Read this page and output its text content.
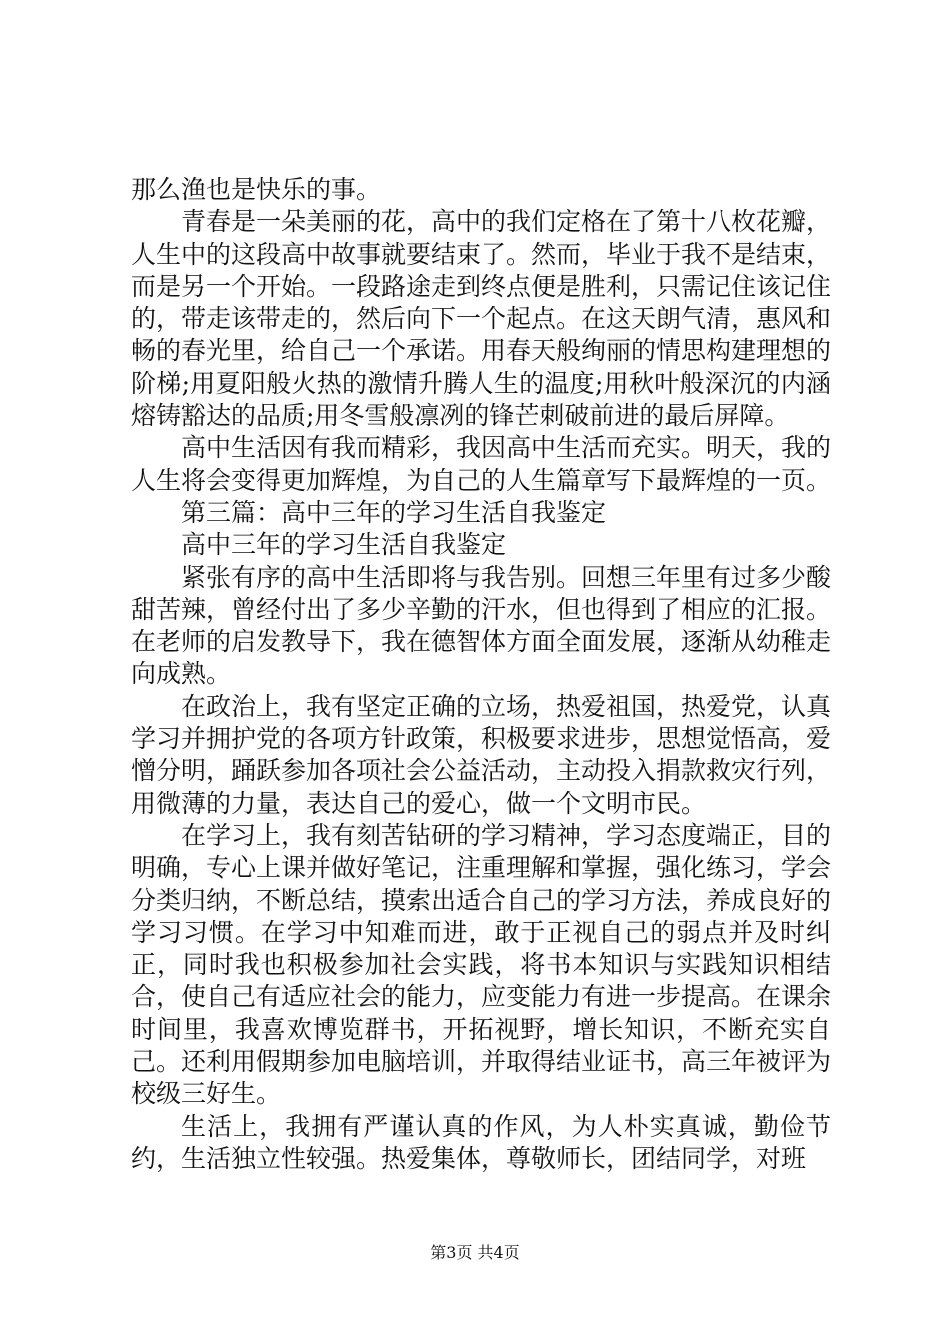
那么渔也是快乐的事。

青春是一朵美丽的花，高中的我们定格在了第十八枚花瓣，人生中的这段高中故事就要结束了。然而，毕业于我不是结束，而是另一个开始。一段路途走到终点便是胜利，只需记住该记住的，带走该带走的，然后向下一个起点。在这天朗气清，惠风和畅的春光里，给自己一个承诺。用春天般绚丽的情思构建理想的阶梯;用夏阳般火热的激情升腾人生的温度;用秋叶般深沉的内涵熔铸豁达的品质;用冬雪般凛冽的锋芒刺破前进的最后屏障。

高中生活因有我而精彩，我因高中生活而充实。明天，我的人生将会变得更加辉煌，为自己的人生篇章写下最辉煌的一页。

第三篇：高中三年的学习生活自我鉴定

高中三年的学习生活自我鉴定

紧张有序的高中生活即将与我告别。回想三年里有过多少酸甜苦辣，曾经付出了多少辛勤的汗水，但也得到了相应的汇报。在老师的启发教导下，我在德智体方面全面发展，逐渐从幼稚走向成熟。

在政治上，我有坚定正确的立场，热爱祖国，热爱党，认真学习并拥护党的各项方针政策，积极要求进步，思想觉悟高，爱憎分明，踊跃参加各项社会公益活动，主动投入捐款救灾行列，用微薄的力量，表达自己的爱心，做一个文明市民。

在学习上，我有刻苦钻研的学习精神，学习态度端正，目的明确，专心上课并做好笔记，注重理解和掌握，强化练习，学会分类归纳，不断总结，摸索出适合自己的学习方法，养成良好的学习习惯。在学习中知难而进，敢于正视自己的弱点并及时纠正，同时我也积极参加社会实践，将书本知识与实践知识相结合，使自己有适应社会的能力，应变能力有进一步提高。在课余时间里，我喜欢博览群书，开拓视野，增长知识，不断充实自己。还利用假期参加电脑培训，并取得结业证书，高三年被评为校级三好生。

生活上，我拥有严谨认真的作风，为人朴实真诚，勤俭节约，生活独立性较强。热爱集体，尊敬师长，团结同学，对班

第3页 共4页
